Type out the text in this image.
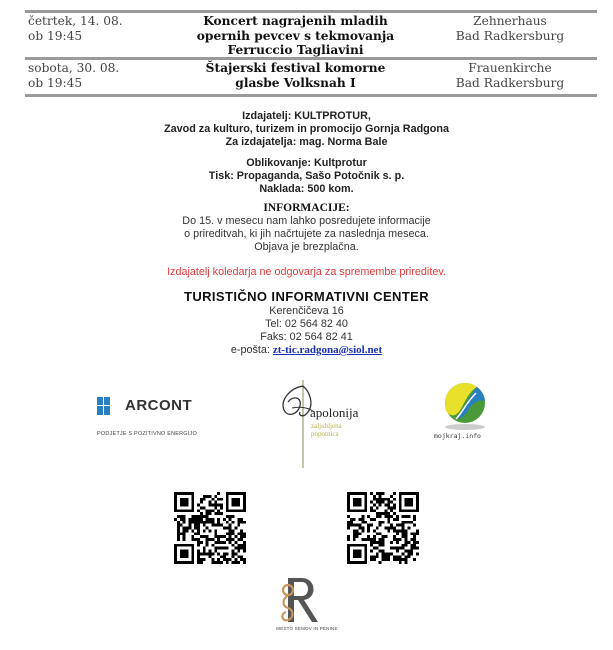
četrtek, 14. 08.
ob 19:45
Koncert nagrajenih mladih
opernih pevcev s tekmovanja
Ferruccio Tagliavini
Zehnerhaus
Bad Radkersburg
sobota, 30. 08.
ob 19:45
Štajerski festival komorne
glasbe Volksnah I
Frauenkirche
Bad Radkersburg
Izdajatelj: KULTPROTUR,
Zavod za kulturo, turizem in promocijo Gornja Radgona
Za izdajatelja: mag. Norma Bale
Oblikovanje: Kultprotur
Tisk: Propaganda, Sašo Potočnik s. p.
Naklada: 500 kom.
INFORMACIJE:
Do 15. v mesecu nam lahko posredujete informacije
o prireditvah, ki jih načrtujete za naslednja meseca.
Objava je brezplačna.
Izdajatelj koledarja ne odgovarja za spremembe prireditev.
TURISTIČNO INFORMATIVNI CENTER
Kerenčičeva 16
Tel: 02 564 82 40
Faks: 02 564 82 41
e-pošta: zt-tic.radgona@siol.net
ARCONT
PODJETJE S POZITIVNO ENERGIJO
apolonija
zaljubljena
popotnica	mojkraj.info
MESTO SEMOV IN PENINE
